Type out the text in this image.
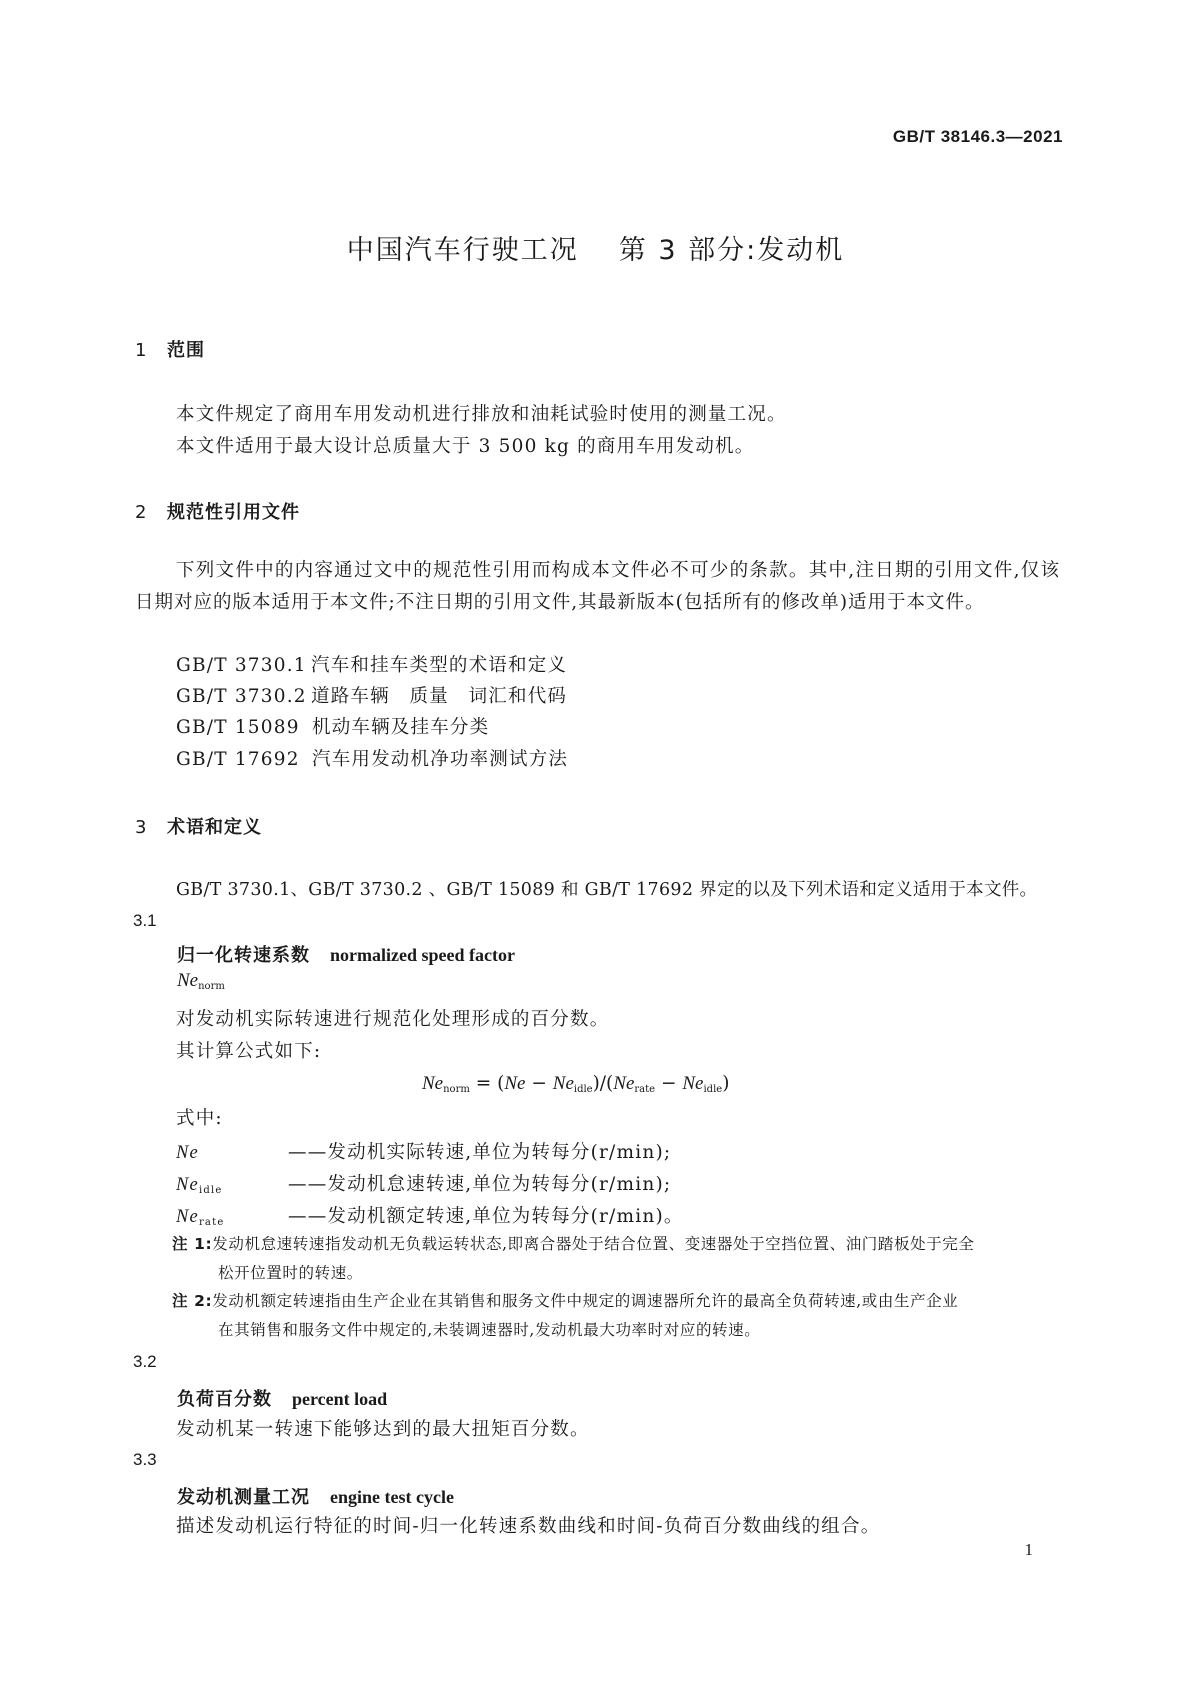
GB/T 38146.3—2021
中国汽车行驶工况 第 3 部分:发动机
1 范围
本文件规定了商用车用发动机进行排放和油耗试验时使用的测量工况。
本文件适用于最大设计总质量大于 3 500 kg 的商用车用发动机。
2 规范性引用文件
下列文件中的内容通过文中的规范性引用而构成本文件必不可少的条款。其中,注日期的引用文件,仅该日期对应的版本适用于本文件;不注日期的引用文件,其最新版本(包括所有的修改单)适用于本文件。
GB/T 3730.1 汽车和挂车类型的术语和定义
GB/T 3730.2 道路车辆　质量　词汇和代码
GB/T 15089 机动车辆及挂车分类
GB/T 17692 汽车用发动机净功率测试方法
3 术语和定义
GB/T 3730.1、GB/T 3730.2 、GB/T 15089 和 GB/T 17692 界定的以及下列术语和定义适用于本文件。
3.1
归一化转速系数 normalized speed factor
$Ne_{norm}$
对发动机实际转速进行规范化处理形成的百分数。
其计算公式如下:
$Ne_{norm} = (Ne - Ne_{idle})/(Ne_{rate} - Ne_{idle})$
式中:
Ne	——发动机实际转速,单位为转每分(r/min);
$Ne_{idle}$	——发动机怠速转速,单位为转每分(r/min);
$Ne_{rate}$	——发动机额定转速,单位为转每分(r/min)。
注 1:发动机怠速转速指发动机无负载运转状态,即离合器处于结合位置、变速器处于空挡位置、油门踏板处于完全
松开位置时的转速。
注 2:发动机额定转速指由生产企业在其销售和服务文件中规定的调速器所允许的最高全负荷转速,或由生产企业
在其销售和服务文件中规定的,未装调速器时,发动机最大功率时对应的转速。
3.2
负荷百分数 percent load
发动机某一转速下能够达到的最大扭矩百分数。
3.3
发动机测量工况 engine test cycle
描述发动机运行特征的时间-归一化转速系数曲线和时间-负荷百分数曲线的组合。
1
